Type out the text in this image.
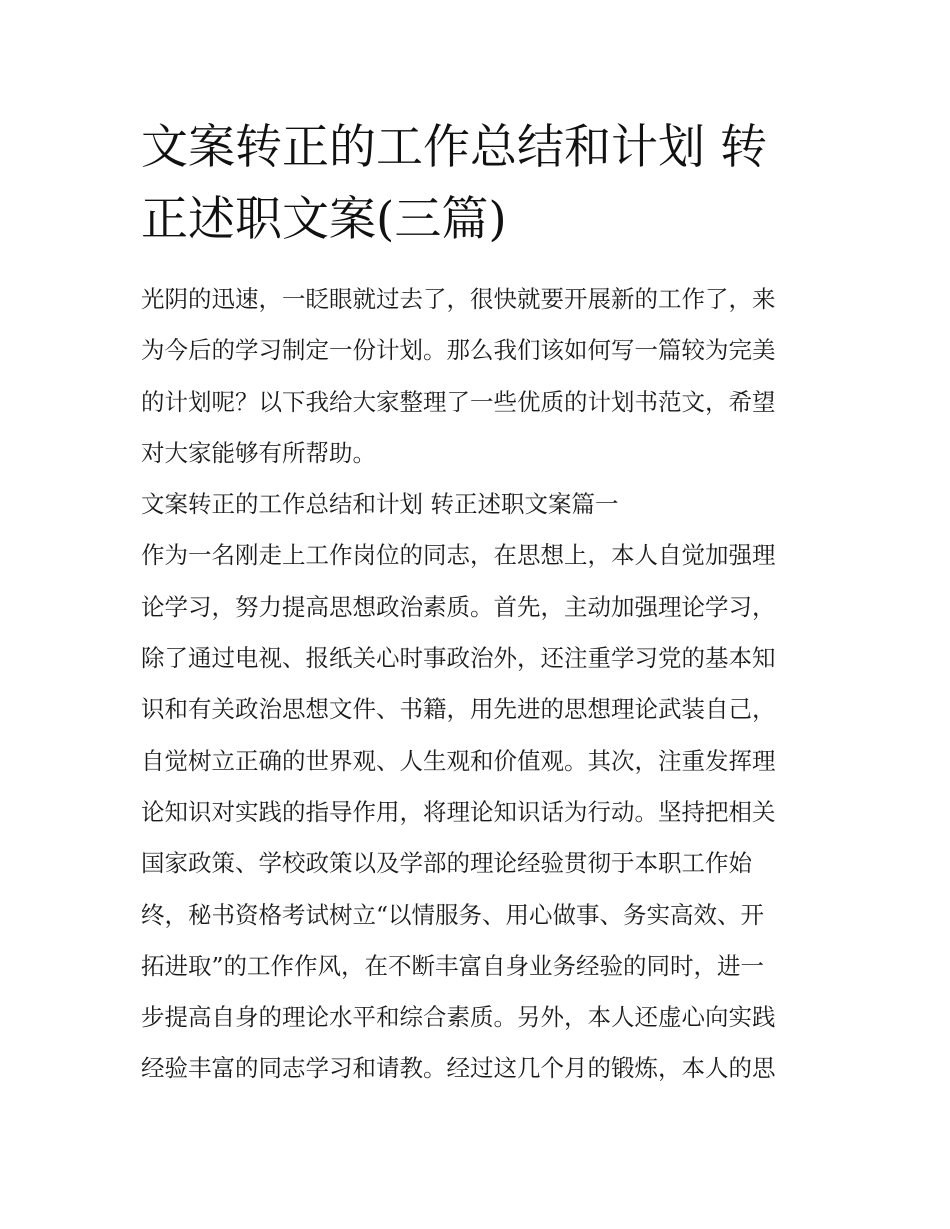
文案转正的工作总结和计划 转
正述职文案(三篇)
光阴的迅速，一眨眼就过去了，很快就要开展新的工作了，来
为今后的学习制定一份计划。那么我们该如何写一篇较为完美
的计划呢？以下我给大家整理了一些优质的计划书范文，希望
对大家能够有所帮助。
文案转正的工作总结和计划 转正述职文案篇一
作为一名刚走上工作岗位的同志，在思想上，本人自觉加强理
论学习，努力提高思想政治素质。首先，主动加强理论学习，
除了通过电视、报纸关心时事政治外，还注重学习党的基本知
识和有关政治思想文件、书籍，用先进的思想理论武装自己，
自觉树立正确的世界观、人生观和价值观。其次，注重发挥理
论知识对实践的指导作用，将理论知识话为行动。坚持把相关
国家政策、学校政策以及学部的理论经验贯彻于本职工作始
终，秘书资格考试树立“以情服务、用心做事、务实高效、开
拓进取”的工作作风，在不断丰富自身业务经验的同时，进一
步提高自身的理论水平和综合素质。另外，本人还虚心向实践
经验丰富的同志学习和请教。经过这几个月的锻炼，本人的思
